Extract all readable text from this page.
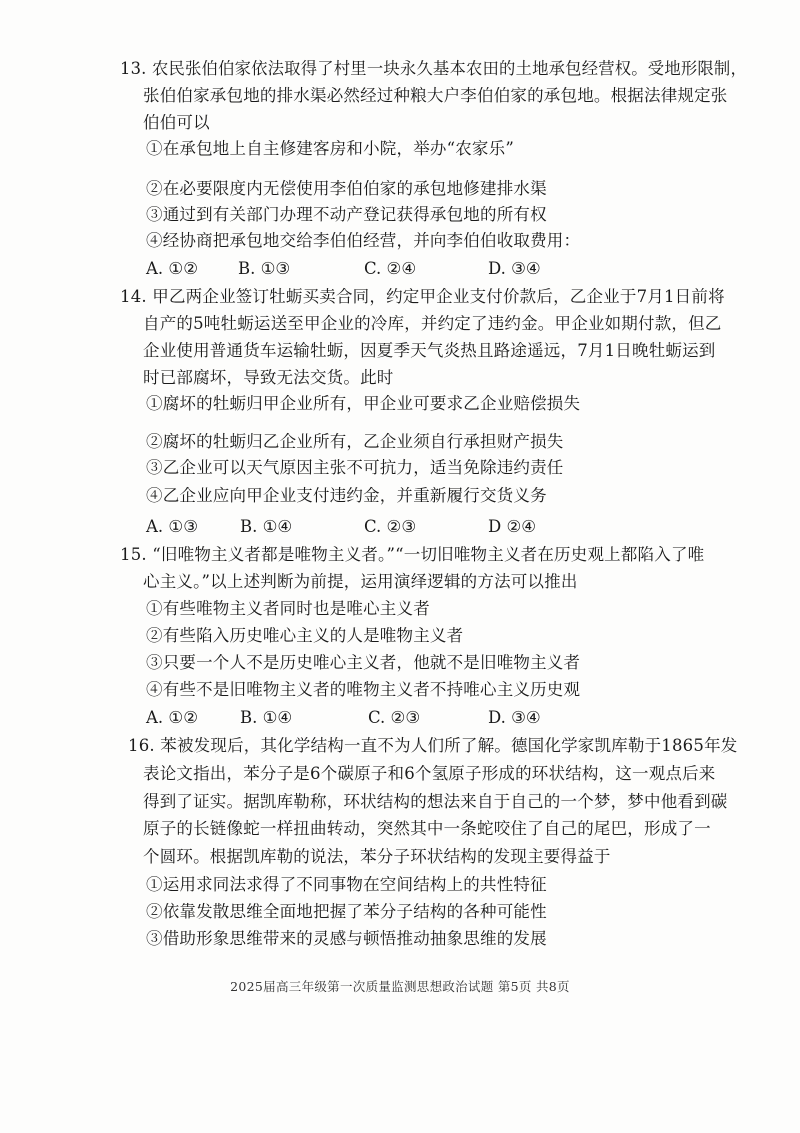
13. 农民张伯伯家依法取得了村里一块永久基本农田的土地承包经营权。受地形限制，
张伯伯家承包地的排水渠必然经过种粮大户李伯伯家的承包地。根据法律规定张
伯伯可以
①在承包地上自主修建客房和小院，举办“农家乐”
②在必要限度内无偿使用李伯伯家的承包地修建排水渠
③通过到有关部门办理不动产登记获得承包地的所有权
④经协商把承包地交给李伯伯经营，并向李伯伯收取费用：
A. ①② B. ①③	C. ②④	D. ③④
14. 甲乙两企业签订牡蛎买卖合同，约定甲企业支付价款后，乙企业于7月1日前将
自产的5吨牡蛎运送至甲企业的冷库，并约定了违约金。甲企业如期付款，但乙
企业使用普通货车运输牡蛎，因夏季天气炎热且路途遥远，7月1日晚牡蛎运到
时已部腐坏，导致无法交货。此时
①腐坏的牡蛎归甲企业所有，甲企业可要求乙企业赔偿损失
②腐坏的牡蛎归乙企业所有，乙企业须自行承担财产损失
③乙企业可以天气原因主张不可抗力，适当免除违约责任
④乙企业应向甲企业支付违约金，并重新履行交货义务
A. ①③	B. ①④	C. ②③	D ②④
15. “旧唯物主义者都是唯物主义者。”“一切旧唯物主义者在历史观上都陷入了唯
心主义。”以上述判断为前提，运用演绎逻辑的方法可以推出
①有些唯物主义者同时也是唯心主义者
②有些陷入历史唯心主义的人是唯物主义者
③只要一个人不是历史唯心主义者，他就不是旧唯物主义者
④有些不是旧唯物主义者的唯物主义者不持唯心主义历史观
A. ①②	B. ①④	C. ②③	D. ③④
16. 苯被发现后，其化学结构一直不为人们所了解。德国化学家凯库勒于1865年发
表论文指出，苯分子是6个碳原子和6个氢原子形成的环状结构，这一观点后来
得到了证实。据凯库勒称，环状结构的想法来自于自己的一个梦，梦中他看到碳
原子的长链像蛇一样扭曲转动，突然其中一条蛇咬住了自己的尾巴，形成了一
个圆环。根据凯库勒的说法，苯分子环状结构的发现主要得益于
①运用求同法求得了不同事物在空间结构上的共性特征
②依靠发散思维全面地把握了苯分子结构的各种可能性
③借助形象思维带来的灵感与顿悟推动抽象思维的发展
2025届高三年级第一次质量监测思想政治试题 第5页 共8页
